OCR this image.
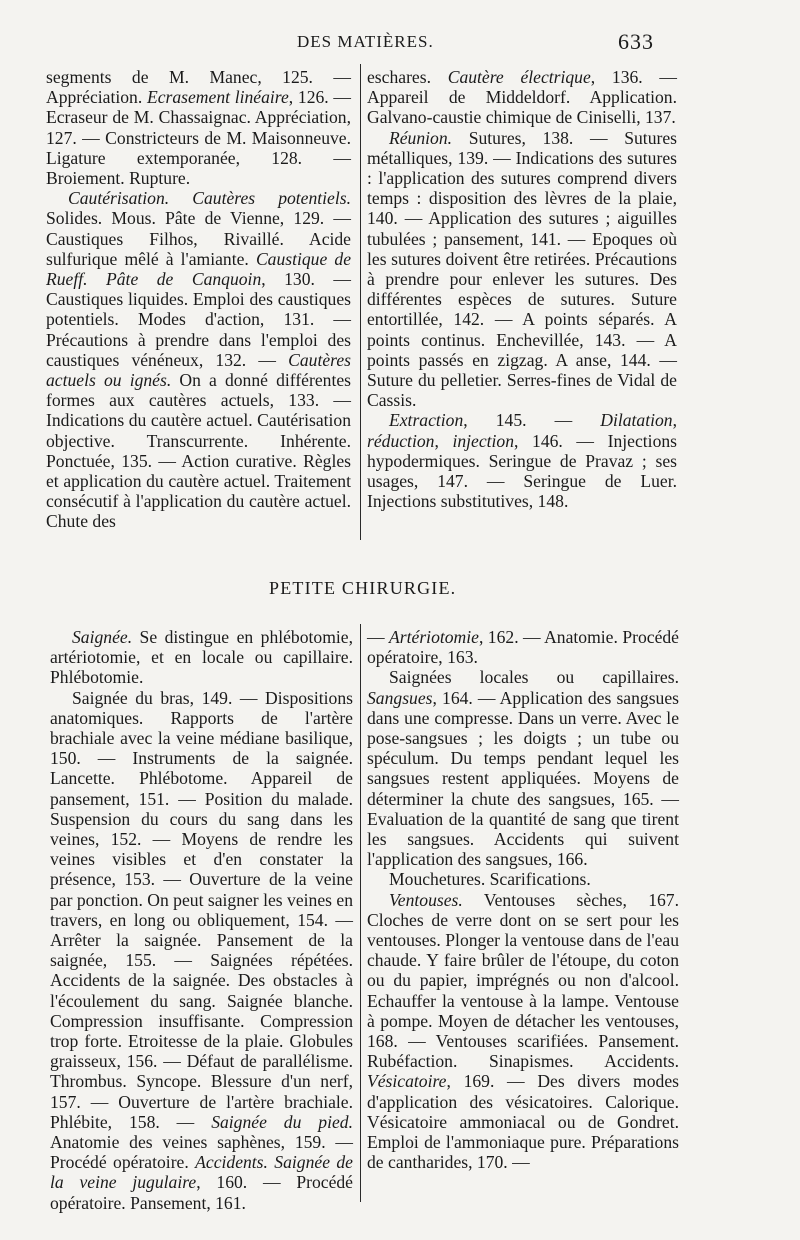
DES MATIÈRES.	633

segments de M. Manec, 125. — Appréciation. Ecrasement linéaire, 126. — Ecraseur de M. Chassaignac. Appréciation, 127. — Constricteurs de M. Maisonneuve. Ligature extemporanée, 128. — Broiement. Rupture.

Cautérisation. Cautères potentiels. Solides. Mous. Pâte de Vienne, 129. — Caustiques Filhos, Rivaillé. Acide sulfurique mêlé à l'amiante. Caustique de Rueff. Pâte de Canquoin, 130. — Caustiques liquides. Emploi des caustiques potentiels. Modes d'action, 131. — Précautions à prendre dans l'emploi des caustiques vénéneux, 132. — Cautères actuels ou ignés. On a donné différentes formes aux cautères actuels, 133. — Indications du cautère actuel. Cautérisation objective. Transcurrente. Inhérente. Ponctuée, 135. — Action curative. Règles et application du cautère actuel. Traitement consécutif à l'application du cautère actuel. Chute des

eschares. Cautère électrique, 136. — Appareil de Middeldorf. Application. Galvano-caustie chimique de Ciniselli, 137.

Réunion. Sutures, 138. — Sutures métalliques, 139. — Indications des sutures : l'application des sutures comprend divers temps : disposition des lèvres de la plaie, 140. — Application des sutures ; aiguilles tubulées ; pansement, 141. — Epoques où les sutures doivent être retirées. Précautions à prendre pour enlever les sutures. Des différentes espèces de sutures. Suture entortillée, 142. — A points séparés. A points continus. Enchevillée, 143. — A points passés en zigzag. A anse, 144. — Suture du pelletier. Serres-fines de Vidal de Cassis.

Extraction, 145. — Dilatation, réduction, injection, 146. — Injections hypodermiques. Seringue de Pravaz ; ses usages, 147. — Seringue de Luer. Injections substitutives, 148.

PETITE CHIRURGIE.

Saignée. Se distingue en phlébotomie, artériotomie, et en locale ou capillaire. Phlébotomie.

Saignée du bras, 149. — Dispositions anatomiques. Rapports de l'artère brachiale avec la veine médiane basilique, 150. — Instruments de la saignée. Lancette. Phlébotome. Appareil de pansement, 151. — Position du malade. Suspension du cours du sang dans les veines, 152. — Moyens de rendre les veines visibles et d'en constater la présence, 153. — Ouverture de la veine par ponction. On peut saigner les veines en travers, en long ou obliquement, 154. — Arrêter la saignée. Pansement de la saignée, 155. — Saignées répétées. Accidents de la saignée. Des obstacles à l'écoulement du sang. Saignée blanche. Compression insuffisante. Compression trop forte. Etroitesse de la plaie. Globules graisseux, 156. — Défaut de parallélisme. Thrombus. Syncope. Blessure d'un nerf, 157. — Ouverture de l'artère brachiale. Phlébite, 158. — Saignée du pied. Anatomie des veines saphènes, 159. — Procédé opératoire. Accidents. Saignée de la veine jugulaire, 160. — Procédé opératoire. Pansement, 161.

— Artériotomie, 162. — Anatomie. Procédé opératoire, 163.

Saignées locales ou capillaires. Sangsues, 164. — Application des sangsues dans une compresse. Dans un verre. Avec le pose-sangsues ; les doigts ; un tube ou spéculum. Du temps pendant lequel les sangsues restent appliquées. Moyens de déterminer la chute des sangsues, 165. — Evaluation de la quantité de sang que tirent les sangsues. Accidents qui suivent l'application des sangsues, 166.

Mouchetures. Scarifications.

Ventouses. Ventouses sèches, 167. Cloches de verre dont on se sert pour les ventouses. Plonger la ventouse dans de l'eau chaude. Y faire brûler de l'étoupe, du coton ou du papier, imprégnés ou non d'alcool. Echauffer la ventouse à la lampe. Ventouse à pompe. Moyen de détacher les ventouses, 168. — Ventouses scarifiées. Pansement. Rubéfaction. Sinapismes. Accidents. Vésicatoire, 169. — Des divers modes d'application des vésicatoires. Calorique. Vésicatoire ammoniacal ou de Gondret. Emploi de l'ammoniaque pure. Préparations de cantharides, 170. —
